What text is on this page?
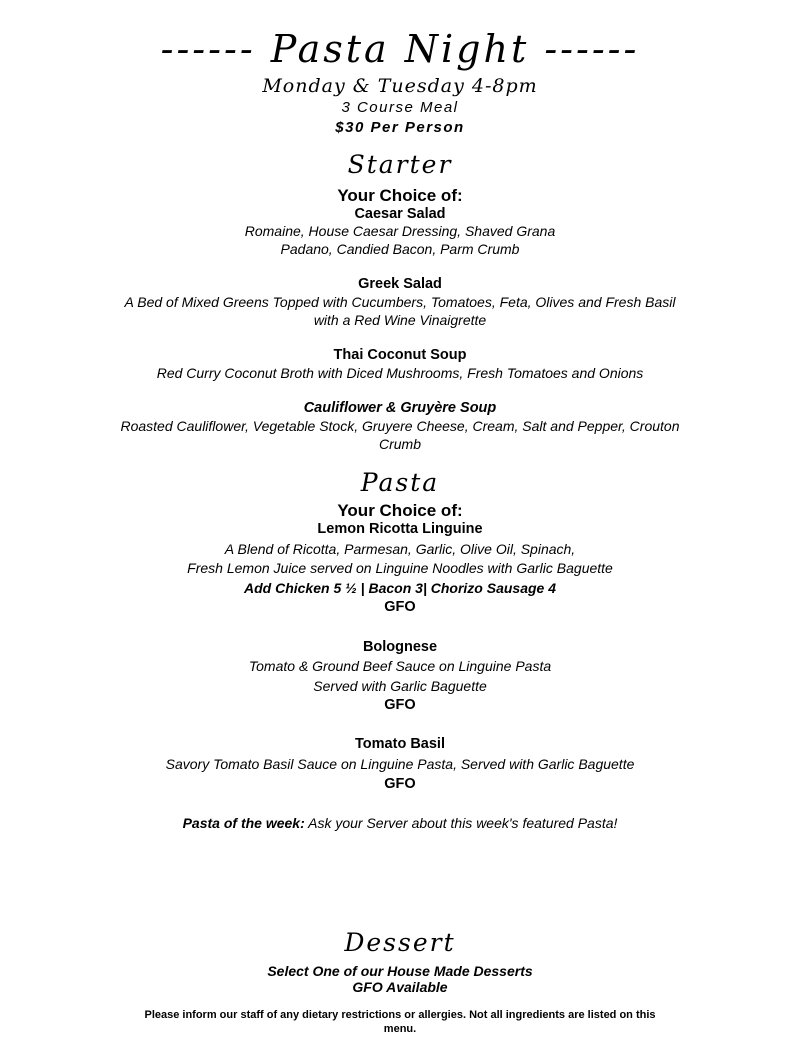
------ Pasta Night ------
Monday & Tuesday 4-8pm
3 Course Meal
$30 Per Person
Starter
Your Choice of:
Caesar Salad
Romaine, House Caesar Dressing, Shaved Grana
Padano, Candied Bacon, Parm Crumb
Greek Salad
A Bed of Mixed Greens Topped with Cucumbers, Tomatoes, Feta, Olives and Fresh Basil
with a Red Wine Vinaigrette
Thai Coconut Soup
Red Curry Coconut Broth with Diced Mushrooms, Fresh Tomatoes and Onions
Cauliflower & Gruyère Soup
Roasted Cauliflower, Vegetable Stock, Gruyere Cheese, Cream, Salt and Pepper, Crouton
Crumb
Pasta
Your Choice of:
Lemon Ricotta Linguine
A Blend of Ricotta, Parmesan, Garlic, Olive Oil, Spinach,
Fresh Lemon Juice served on Linguine Noodles with Garlic Baguette
Add Chicken 5 ½ | Bacon 3| Chorizo Sausage 4
GFO
Bolognese
Tomato & Ground Beef Sauce on Linguine Pasta
Served with Garlic Baguette
GFO
Tomato Basil
Savory Tomato Basil Sauce on Linguine Pasta, Served with Garlic Baguette
GFO
Pasta of the week: Ask your Server about this week's featured Pasta!
Dessert
Select One of our House Made Desserts
GFO Available
Please inform our staff of any dietary restrictions or allergies. Not all ingredients are listed on this
menu.
